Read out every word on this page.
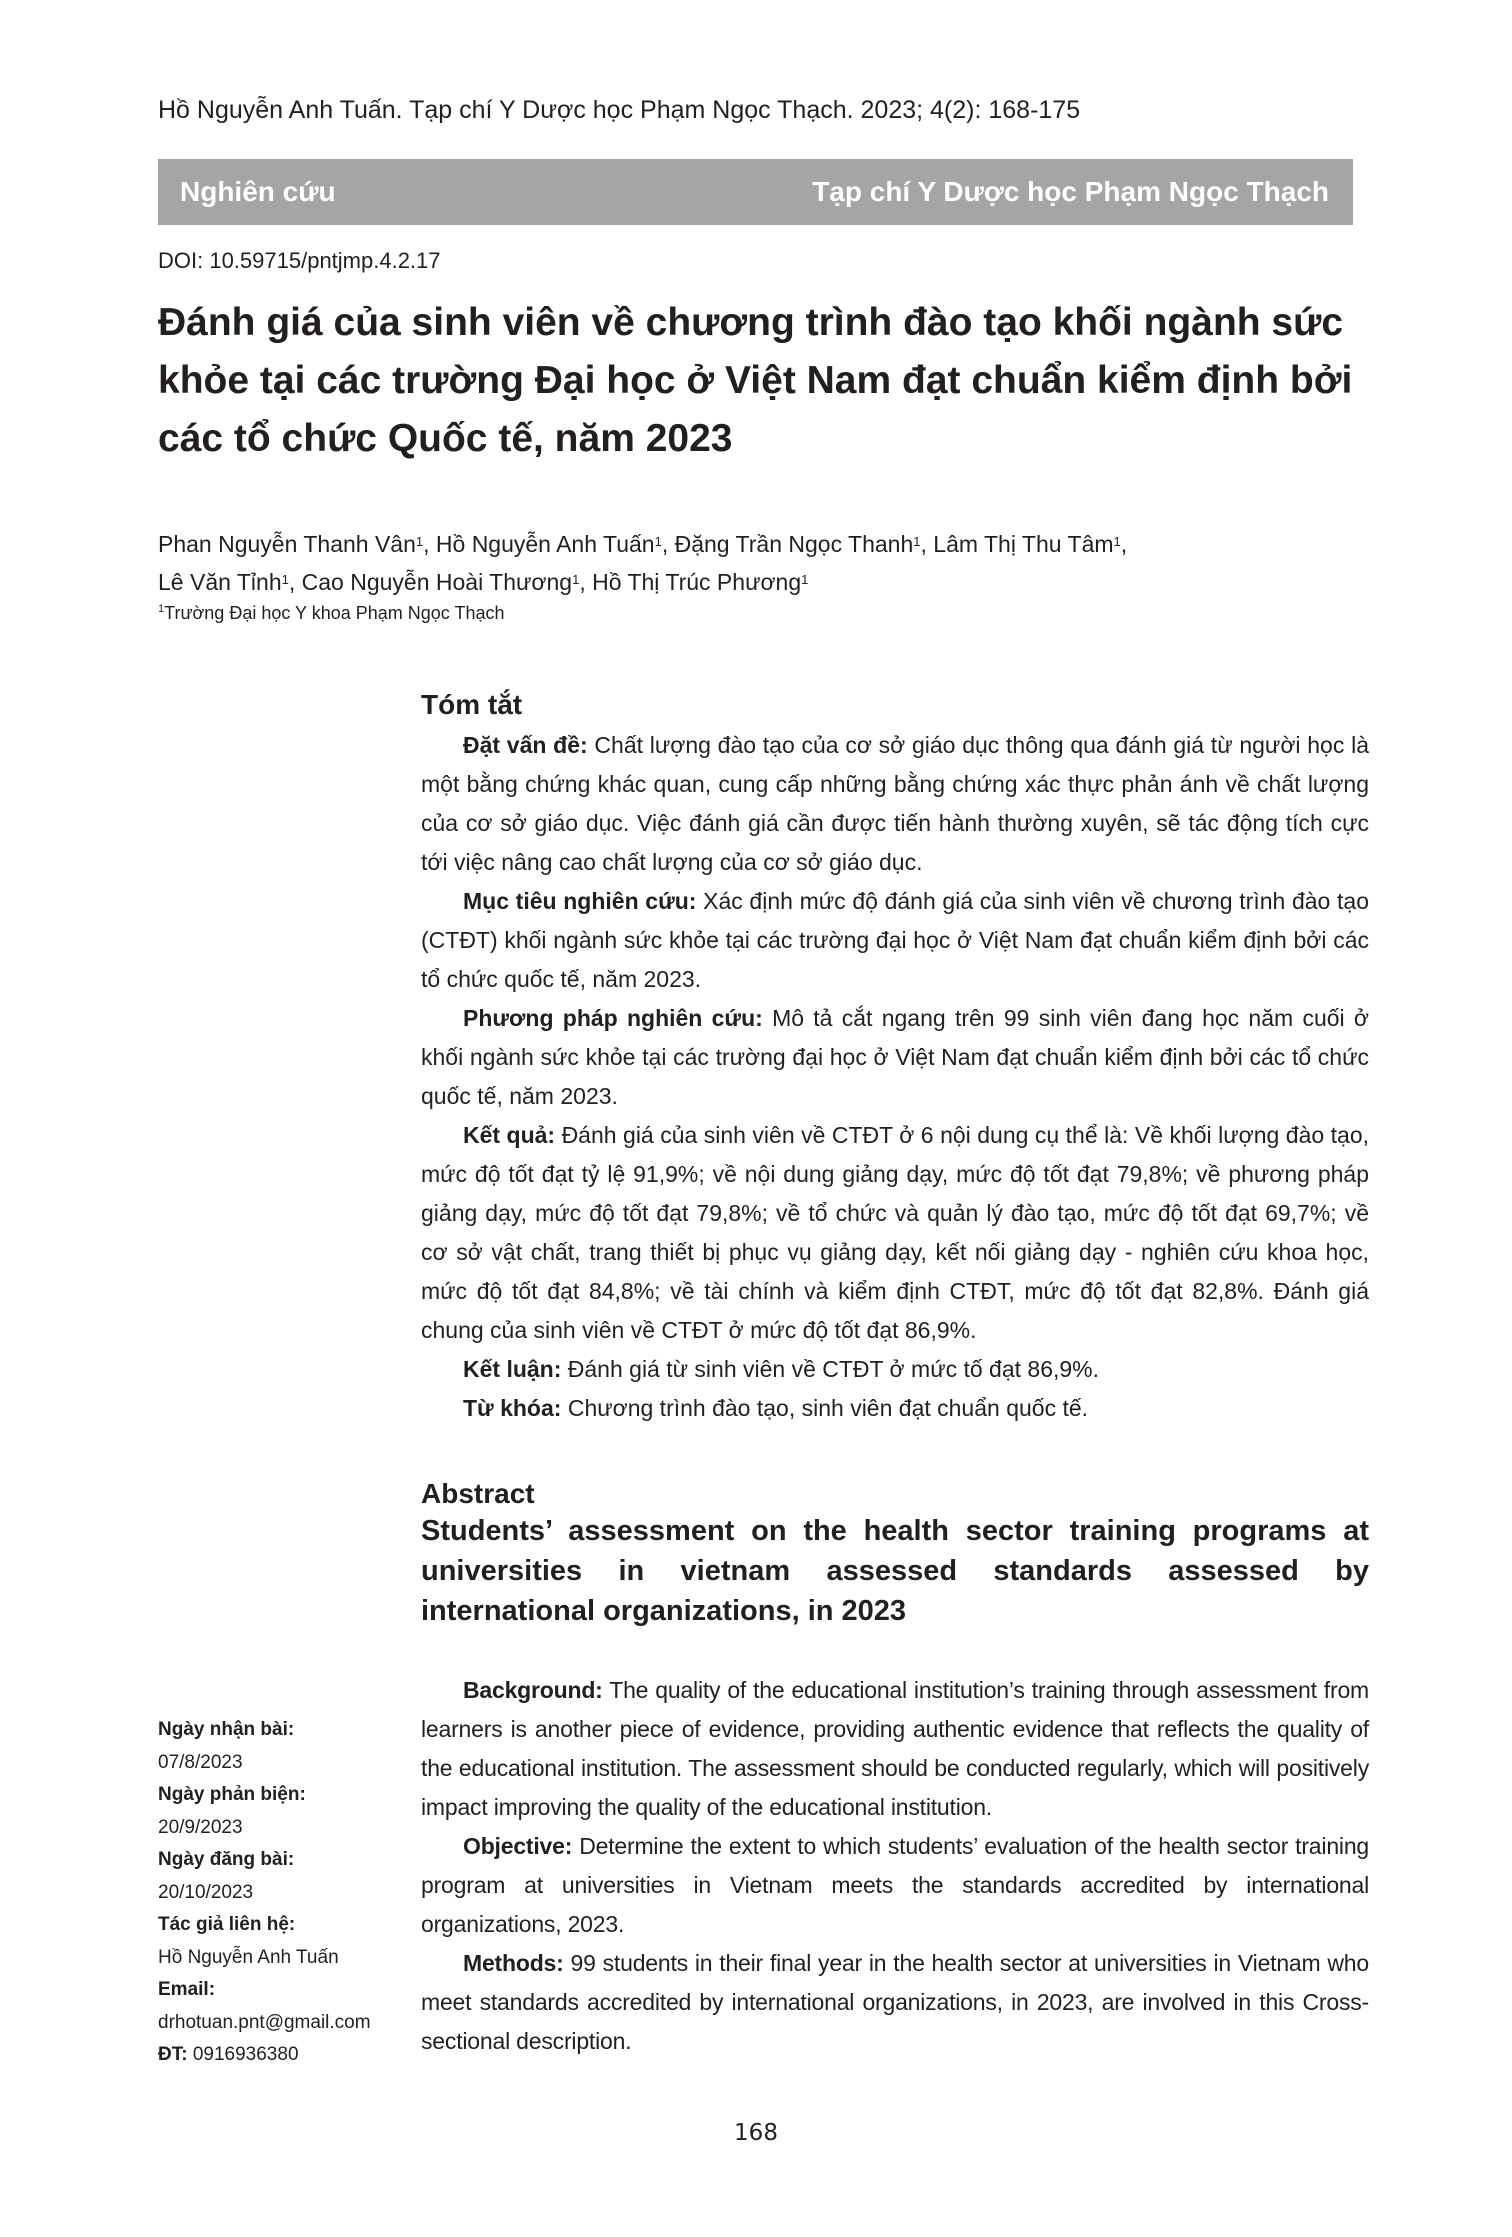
Hồ Nguyễn Anh Tuấn. Tạp chí Y Dược học Phạm Ngọc Thạch. 2023; 4(2): 168-175
Nghiên cứu	Tạp chí Y Dược học Phạm Ngọc Thạch
DOI: 10.59715/pntjmp.4.2.17
Đánh giá của sinh viên về chương trình đào tạo khối ngành sức khỏe tại các trường Đại học ở Việt Nam đạt chuẩn kiểm định bởi các tổ chức Quốc tế, năm 2023
Phan Nguyễn Thanh Vân$^1$, Hồ Nguyễn Anh Tuấn$^1$, Đặng Trần Ngọc Thanh$^1$, Lâm Thị Thu Tâm$^1$,
Lê Văn Tỉnh$^1$, Cao Nguyễn Hoài Thương$^1$, Hồ Thị Trúc Phương$^1$
$^1$Trường Đại học Y khoa Phạm Ngọc Thạch
Tóm tắt

Đặt vấn đề: Chất lượng đào tạo của cơ sở giáo dục thông qua đánh giá từ người học là một bằng chứng khác quan, cung cấp những bằng chứng xác thực phản ánh về chất lượng của cơ sở giáo dục. Việc đánh giá cần được tiến hành thường xuyên, sẽ tác động tích cực tới việc nâng cao chất lượng của cơ sở giáo dục.

Mục tiêu nghiên cứu: Xác định mức độ đánh giá của sinh viên về chương trình đào tạo (CTĐT) khối ngành sức khỏe tại các trường đại học ở Việt Nam đạt chuẩn kiểm định bởi các tổ chức quốc tế, năm 2023.

Phương pháp nghiên cứu: Mô tả cắt ngang trên 99 sinh viên đang học năm cuối ở khối ngành sức khỏe tại các trường đại học ở Việt Nam đạt chuẩn kiểm định bởi các tổ chức quốc tế, năm 2023.

Kết quả: Đánh giá của sinh viên về CTĐT ở 6 nội dung cụ thể là: Về khối lượng đào tạo, mức độ tốt đạt tỷ lệ 91,9%; về nội dung giảng dạy, mức độ tốt đạt 79,8%; về phương pháp giảng dạy, mức độ tốt đạt 79,8%; về tổ chức và quản lý đào tạo, mức độ tốt đạt 69,7%; về cơ sở vật chất, trang thiết bị phục vụ giảng dạy, kết nối giảng dạy - nghiên cứu khoa học, mức độ tốt đạt 84,8%; về tài chính và kiểm định CTĐT, mức độ tốt đạt 82,8%. Đánh giá chung của sinh viên về CTĐT ở mức độ tốt đạt 86,9%.

Kết luận: Đánh giá từ sinh viên về CTĐT ở mức tố đạt 86,9%.

Từ khóa: Chương trình đào tạo, sinh viên đạt chuẩn quốc tế.

Abstract
Students’ assessment on the health sector training programs at universities in vietnam assessed standards assessed by international organizations, in 2023

Background: The quality of the educational institution’s training through assessment from learners is another piece of evidence, providing authentic evidence that reflects the quality of the educational institution. The assessment should be conducted regularly, which will positively impact improving the quality of the educational institution.

Objective: Determine the extent to which students’ evaluation of the health sector training program at universities in Vietnam meets the standards accredited by international organizations, 2023.

Methods: 99 students in their final year in the health sector at universities in Vietnam who meet standards accredited by international organizations, in 2023, are involved in this Cross-sectional description.

Ngày nhận bài:
07/8/2023
Ngày phản biện:
20/9/2023
Ngày đăng bài:
20/10/2023
Tác giả liên hệ:
Hồ Nguyễn Anh Tuấn
Email:
drhotuan.pnt@gmail.com
ĐT: 0916936380
168
